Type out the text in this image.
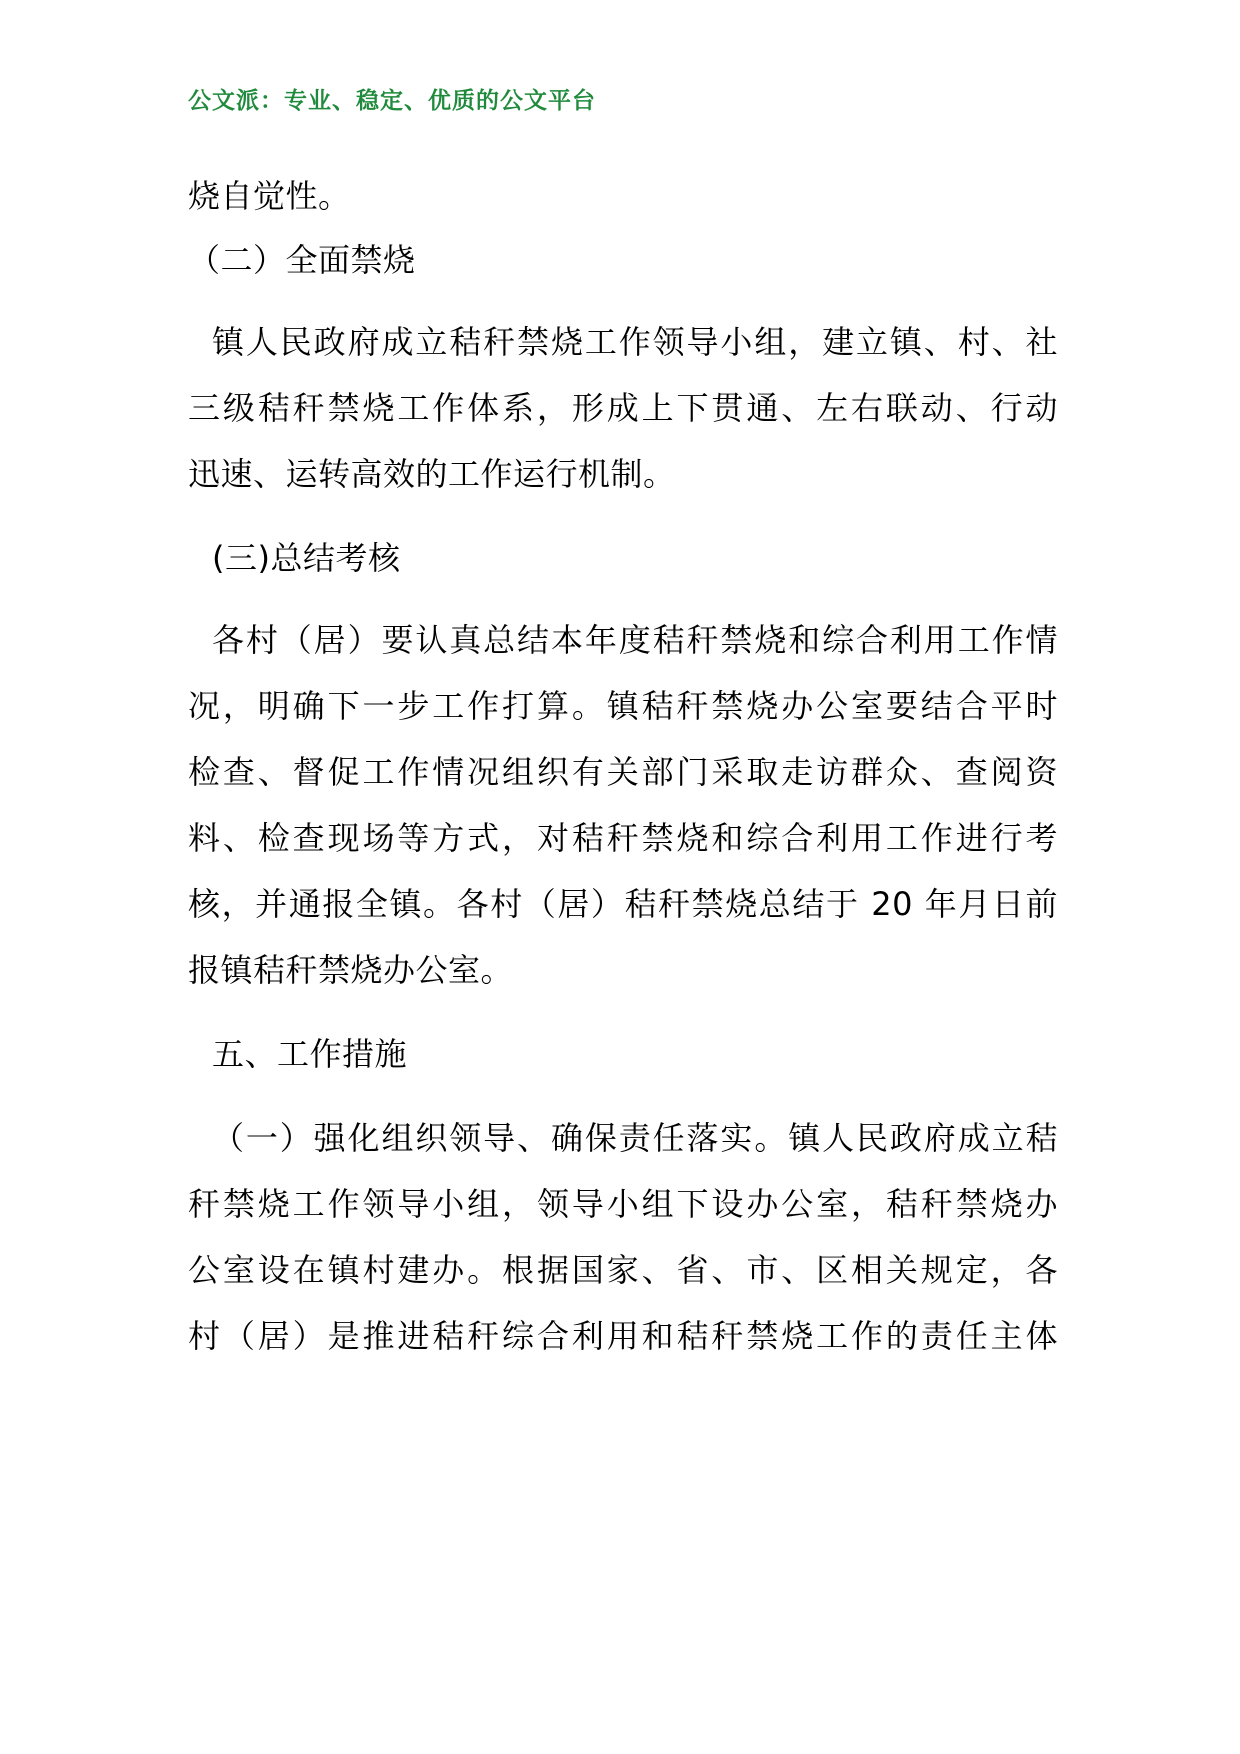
公文派：专业、稳定、优质的公文平台
烧自觉性。
（二）全面禁烧
镇人民政府成立秸秆禁烧工作领导小组，建立镇、村、社
三级秸秆禁烧工作体系，形成上下贯通、左右联动、行动
迅速、运转高效的工作运行机制。
(三)总结考核
各村（居）要认真总结本年度秸秆禁烧和综合利用工作情
况，明确下一步工作打算。镇秸秆禁烧办公室要结合平时
检查、督促工作情况组织有关部门采取走访群众、查阅资
料、检查现场等方式，对秸秆禁烧和综合利用工作进行考
核，并通报全镇。各村（居）秸秆禁烧总结于 20 年月日前
报镇秸秆禁烧办公室。
五、工作措施
（一）强化组织领导、确保责任落实。镇人民政府成立秸
秆禁烧工作领导小组，领导小组下设办公室，秸秆禁烧办
公室设在镇村建办。根据国家、省、市、区相关规定，各
村（居）是推进秸秆综合利用和秸秆禁烧工作的责任主体
